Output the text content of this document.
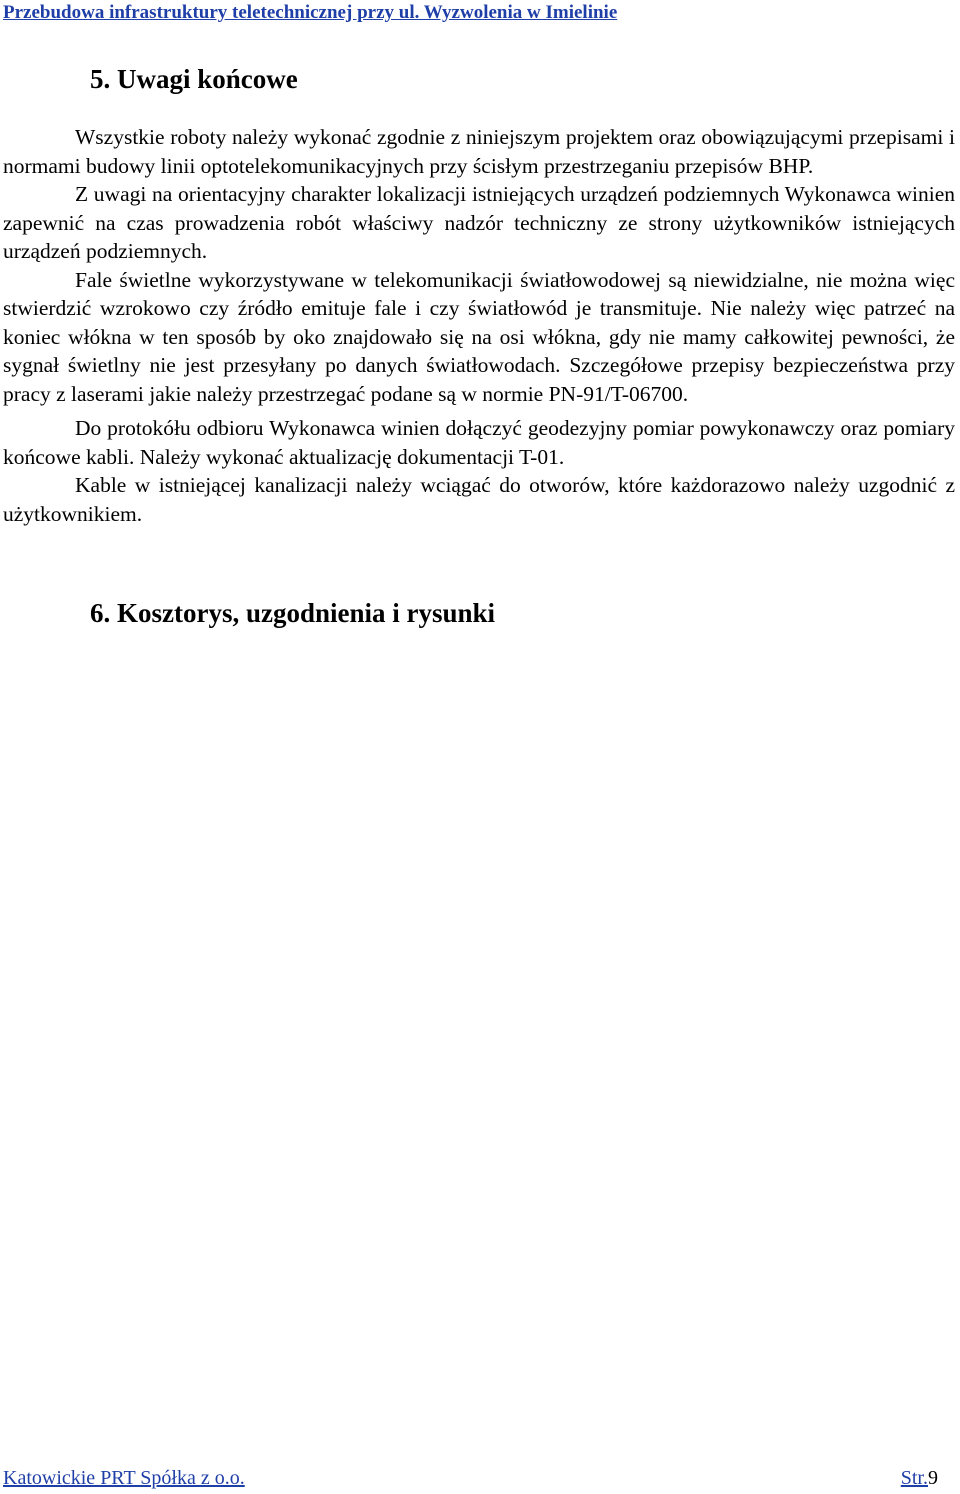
Przebudowa infrastruktury teletechnicznej przy ul. Wyzwolenia w Imielinie
5. Uwagi końcowe

Wszystkie roboty należy wykonać zgodnie z niniejszym projektem oraz obowiązującymi przepisami i normami budowy linii optotelekomunikacyjnych przy ścisłym przestrzeganiu przepisów BHP.

Z uwagi na orientacyjny charakter lokalizacji istniejących urządzeń podziemnych Wykonawca winien zapewnić na czas prowadzenia robót właściwy nadzór techniczny ze strony użytkowników istniejących urządzeń podziemnych.

Fale świetlne wykorzystywane w telekomunikacji światłowodowej są niewidzialne, nie można więc stwierdzić wzrokowo czy źródło emituje fale i czy światłowód je transmituje. Nie należy więc patrzeć na koniec włókna w ten sposób by oko znajdowało się na osi włókna, gdy nie mamy całkowitej pewności, że sygnał świetlny nie jest przesyłany po danych światłowodach. Szczegółowe przepisy bezpieczeństwa przy pracy z laserami jakie należy przestrzegać podane są w normie PN-91/T-06700.

Do protokółu odbioru Wykonawca winien dołączyć geodezyjny pomiar powykonawczy oraz pomiary końcowe kabli. Należy wykonać aktualizację dokumentacji T-01.

Kable w istniejącej kanalizacji należy wciągać do otworów, które każdorazowo należy uzgodnić z użytkownikiem.

6. Kosztorys, uzgodnienia i rysunki
Katowickie PRT Spółka z o.o.	Str.9
